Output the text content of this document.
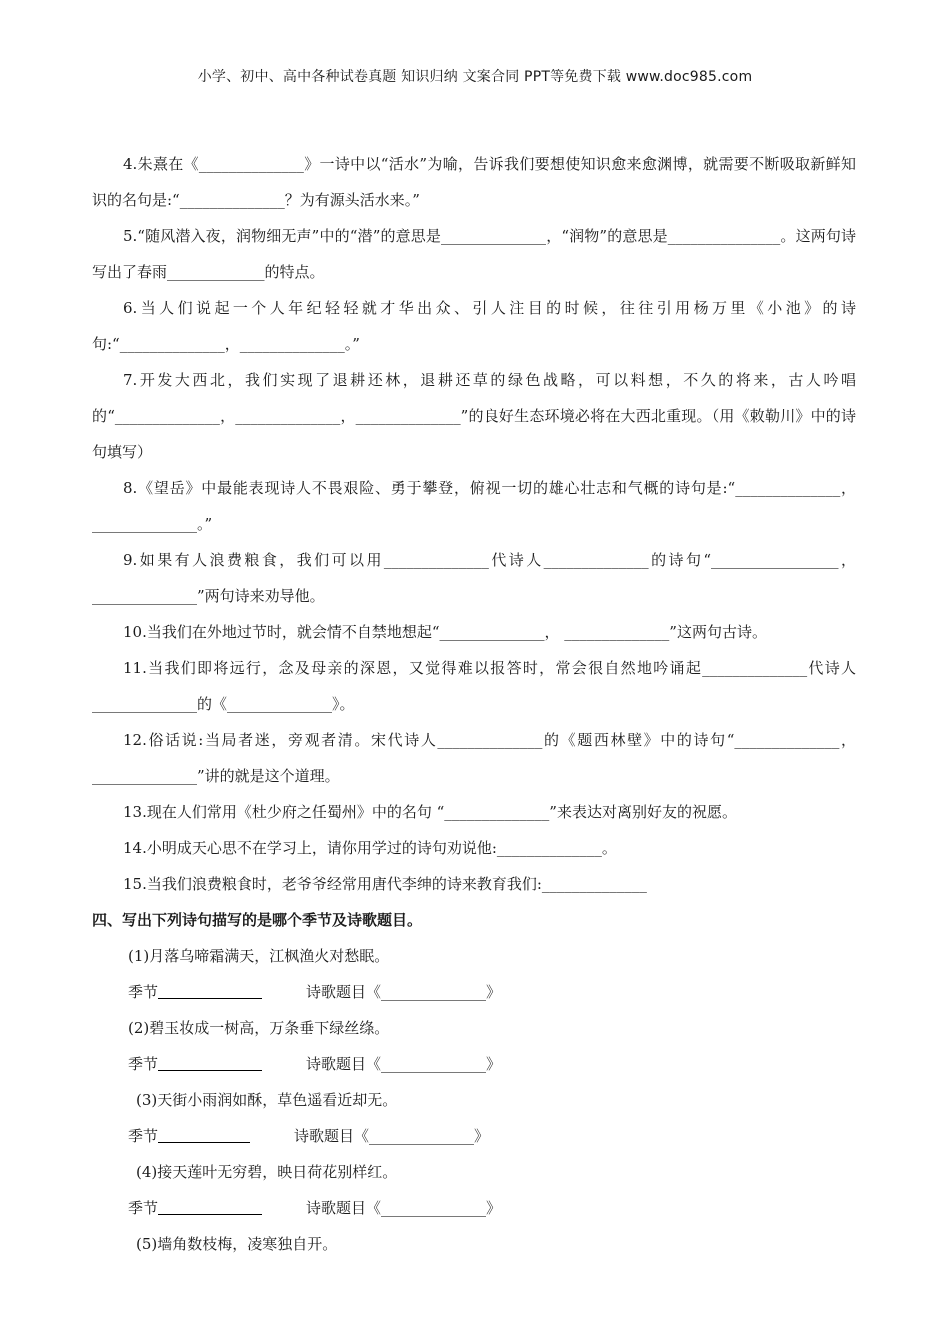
小学、初中、高中各种试卷真题 知识归纳 文案合同 PPT等免费下载 www.doc985.com

4.朱熹在《______________》一诗中以“活水”为喻，告诉我们要想使知识愈来愈渊博，就需要不断吸取新鲜知识的名句是:“______________？为有源头活水来。”

5.“随风潜入夜，润物细无声”中的“潜”的意思是______________，“润物”的意思是_______________。这两句诗写出了春雨_____________的特点。

6.当人们说起一个人年纪轻轻就才华出众、引人注目的时候，往往引用杨万里《小池》的诗句:“______________，______________。”

7.开发大西北，我们实现了退耕还林，退耕还草的绿色战略，可以料想，不久的将来，古人吟唱的“______________，______________，______________”的良好生态环境必将在大西北重现。（用《敕勒川》中的诗句填写）

8.《望岳》中最能表现诗人不畏艰险、勇于攀登，俯视一切的雄心壮志和气概的诗句是:“______________，______________。”

9.如果有人浪费粮食，我们可以用______________代诗人______________的诗句“_________________，______________”两句诗来劝导他。

10.当我们在外地过节时，就会情不自禁地想起“______________， ______________”这两句古诗。

11.当我们即将远行，念及母亲的深恩，又觉得难以报答时，常会很自然地吟诵起______________代诗人______________的《______________》。

12.俗话说:当局者迷，旁观者清。宋代诗人______________的《题西林壁》中的诗句“______________，______________”讲的就是这个道理。

13.现在人们常用《杜少府之任蜀州》中的名句 “______________”来表达对离别好友的祝愿。

14.小明成天心思不在学习上，请你用学过的诗句劝说他:______________。

15.当我们浪费粮食时，老爷爷经常用唐代李绅的诗来教育我们:______________

四、写出下列诗句描写的是哪个季节及诗歌题目。

(1)月落乌啼霜满天，江枫渔火对愁眠。

季节	诗歌题目《______________》

(2)碧玉妆成一树高，万条垂下绿丝绦。

季节	诗歌题目《______________》

(3)天街小雨润如酥，草色遥看近却无。

季节	诗歌题目《______________》

(4)接天莲叶无穷碧，映日荷花别样红。

季节	诗歌题目《______________》

(5)墙角数枝梅，凌寒独自开。
